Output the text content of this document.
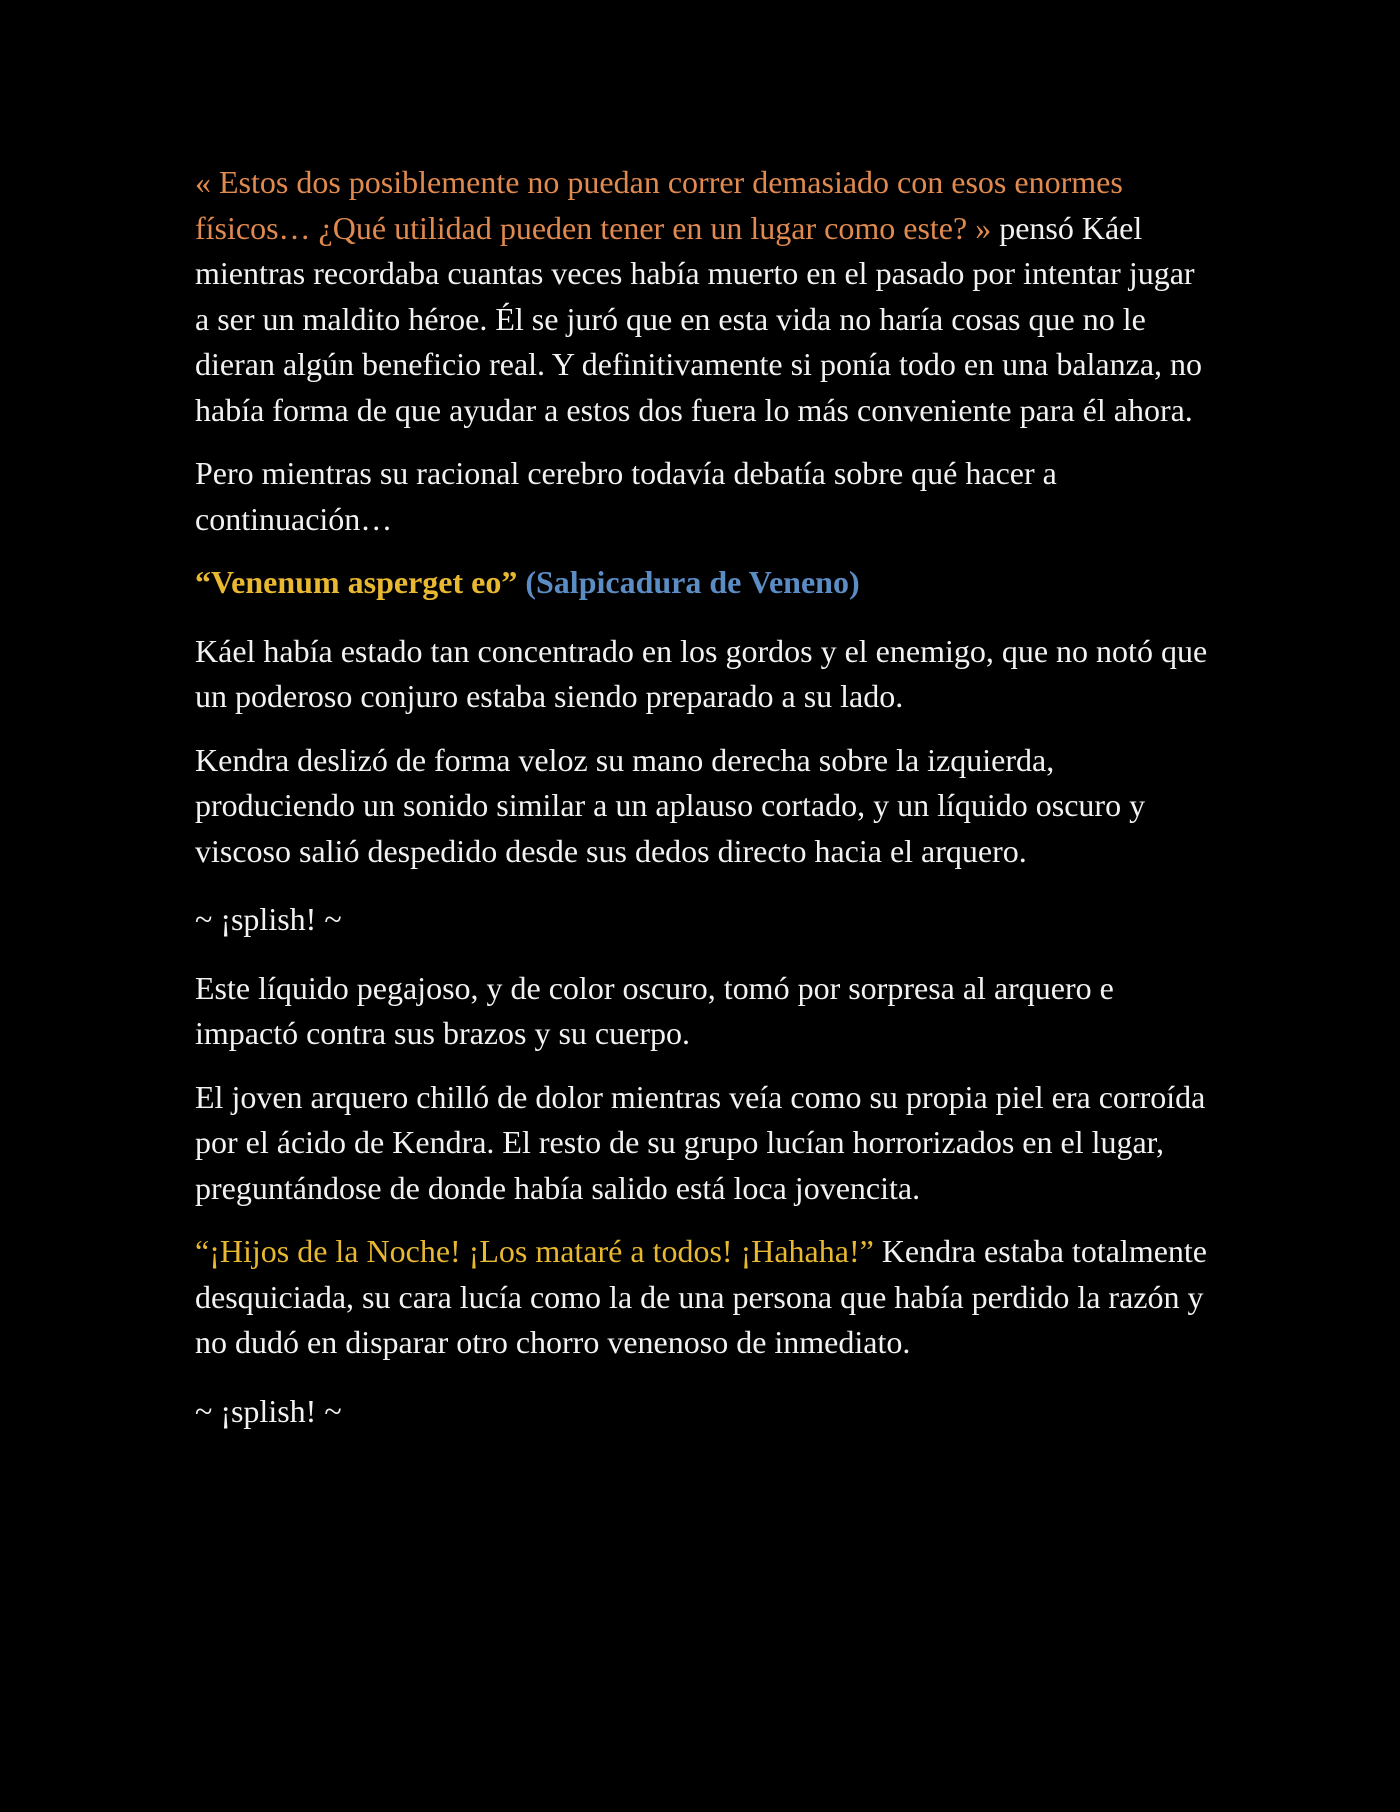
« Estos dos posiblemente no puedan correr demasiado con esos enormes físicos… ¿Qué utilidad pueden tener en un lugar como este? » pensó Káel mientras recordaba cuantas veces había muerto en el pasado por intentar jugar a ser un maldito héroe. Él se juró que en esta vida no haría cosas que no le dieran algún beneficio real. Y definitivamente si ponía todo en una balanza, no había forma de que ayudar a estos dos fuera lo más conveniente para él ahora.

Pero mientras su racional cerebro todavía debatía sobre qué hacer a continuación…

“Venenum asperget eo” (Salpicadura de Veneno)

Káel había estado tan concentrado en los gordos y el enemigo, que no notó que un poderoso conjuro estaba siendo preparado a su lado.

Kendra deslizó de forma veloz su mano derecha sobre la izquierda, produciendo un sonido similar a un aplauso cortado, y un líquido oscuro y viscoso salió despedido desde sus dedos directo hacia el arquero.

~ ¡splish! ~

Este líquido pegajoso, y de color oscuro, tomó por sorpresa al arquero e impactó contra sus brazos y su cuerpo.

El joven arquero chilló de dolor mientras veía como su propia piel era corroída por el ácido de Kendra. El resto de su grupo lucían horrorizados en el lugar, preguntándose de donde había salido está loca jovencita.

“¡Hijos de la Noche! ¡Los mataré a todos! ¡Hahaha!” Kendra estaba totalmente desquiciada, su cara lucía como la de una persona que había perdido la razón y no dudó en disparar otro chorro venenoso de inmediato.

~ ¡splish! ~
